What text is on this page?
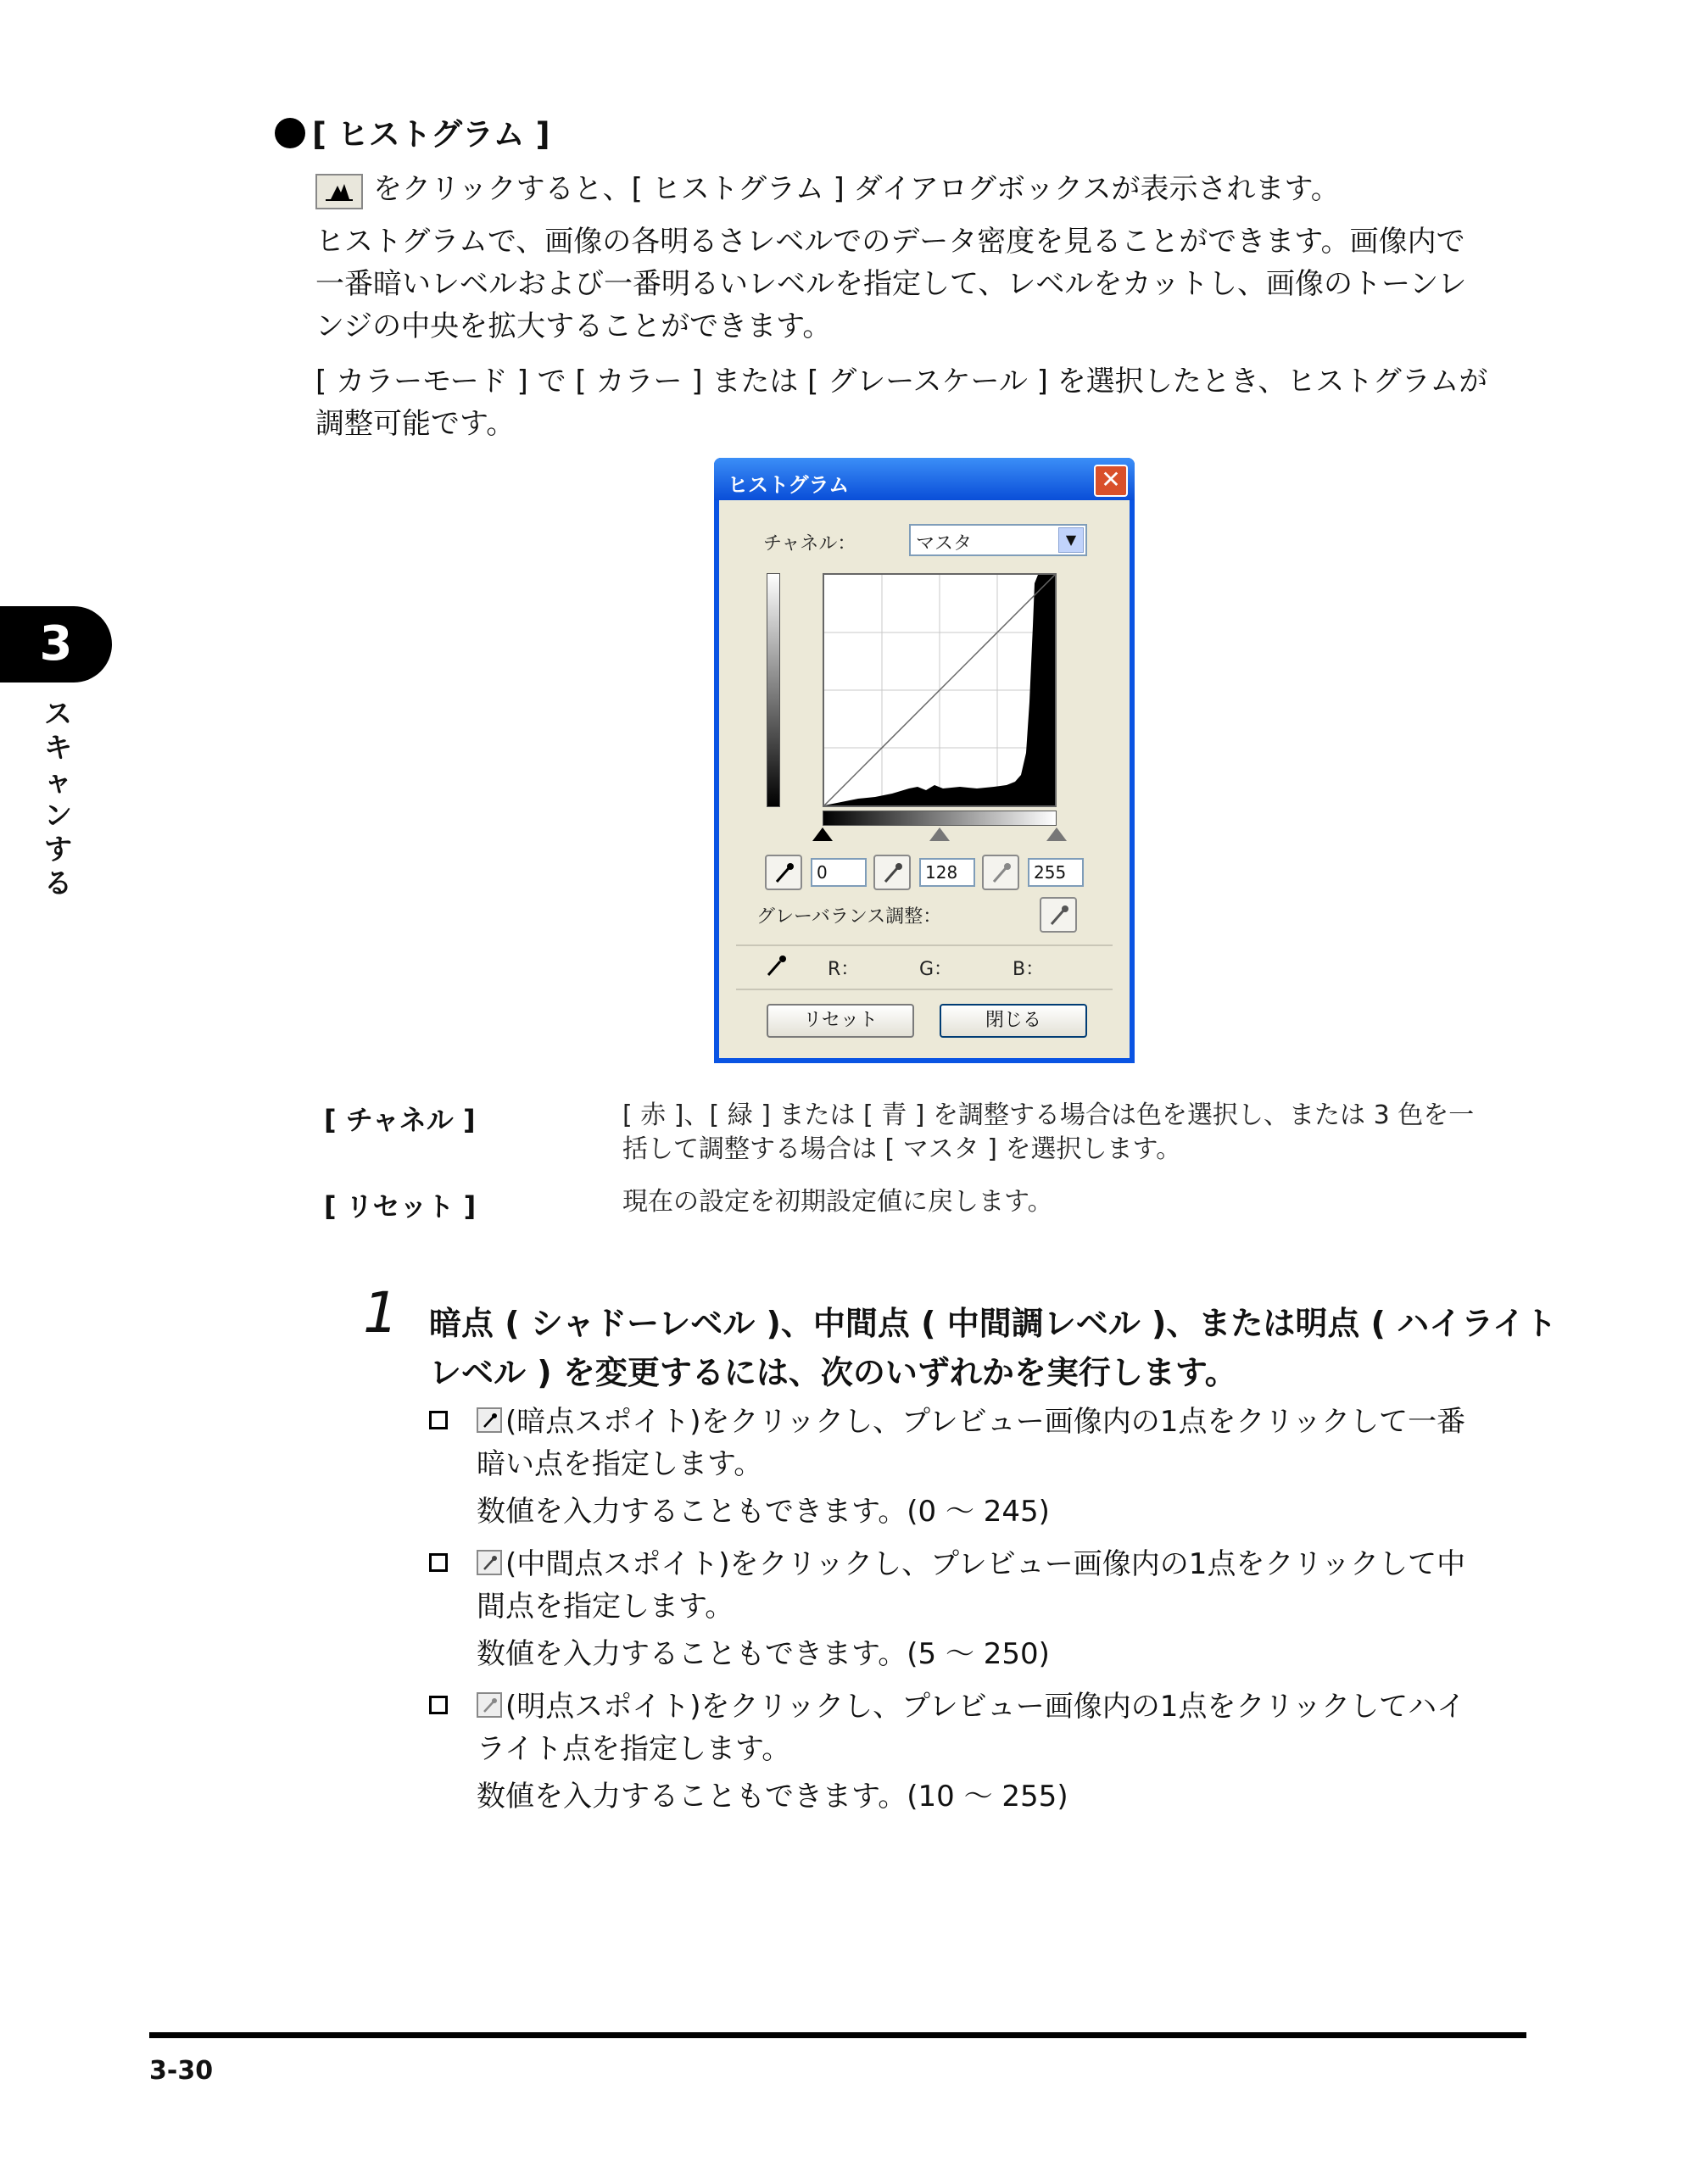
3
スキャンする
[ ヒストグラム ]
をクリックすると、[ ヒストグラム ] ダイアログボックスが表示されます。
ヒストグラムで、画像の各明るさレベルでのデータ密度を見ることができます。画像内で
一番暗いレベルおよび一番明るいレベルを指定して、レベルをカットし、画像のトーンレ
ンジの中央を拡大することができます。
[ カラーモード ] で [ カラー ] または [ グレースケール ] を選択したとき、ヒストグラムが
調整可能です。
ヒストグラム	✕
チャネル：	マスタ	▼
0	128	255
グレーバランス調整：
R：	G：	B：
リセット	閉じる
[ チャネル ]	[ 赤 ]、[ 緑 ] または [ 青 ] を調整する場合は色を選択し、または 3 色を一
括して調整する場合は [ マスタ ] を選択します。
[ リセット ]	現在の設定を初期設定値に戻します。
1 暗点 ( シャドーレベル )、中間点 ( 中間調レベル )、または明点 ( ハイライト
レベル ) を変更するには、次のいずれかを実行します。
(暗点スポイト)をクリックし、プレビュー画像内の1点をクリックして一番
暗い点を指定します。
数値を入力することもできます。(0 〜 245)
(中間点スポイト)をクリックし、プレビュー画像内の1点をクリックして中
間点を指定します。
数値を入力することもできます。(5 〜 250)
(明点スポイト)をクリックし、プレビュー画像内の1点をクリックしてハイ
ライト点を指定します。
数値を入力することもできます。(10 〜 255)
3-30
